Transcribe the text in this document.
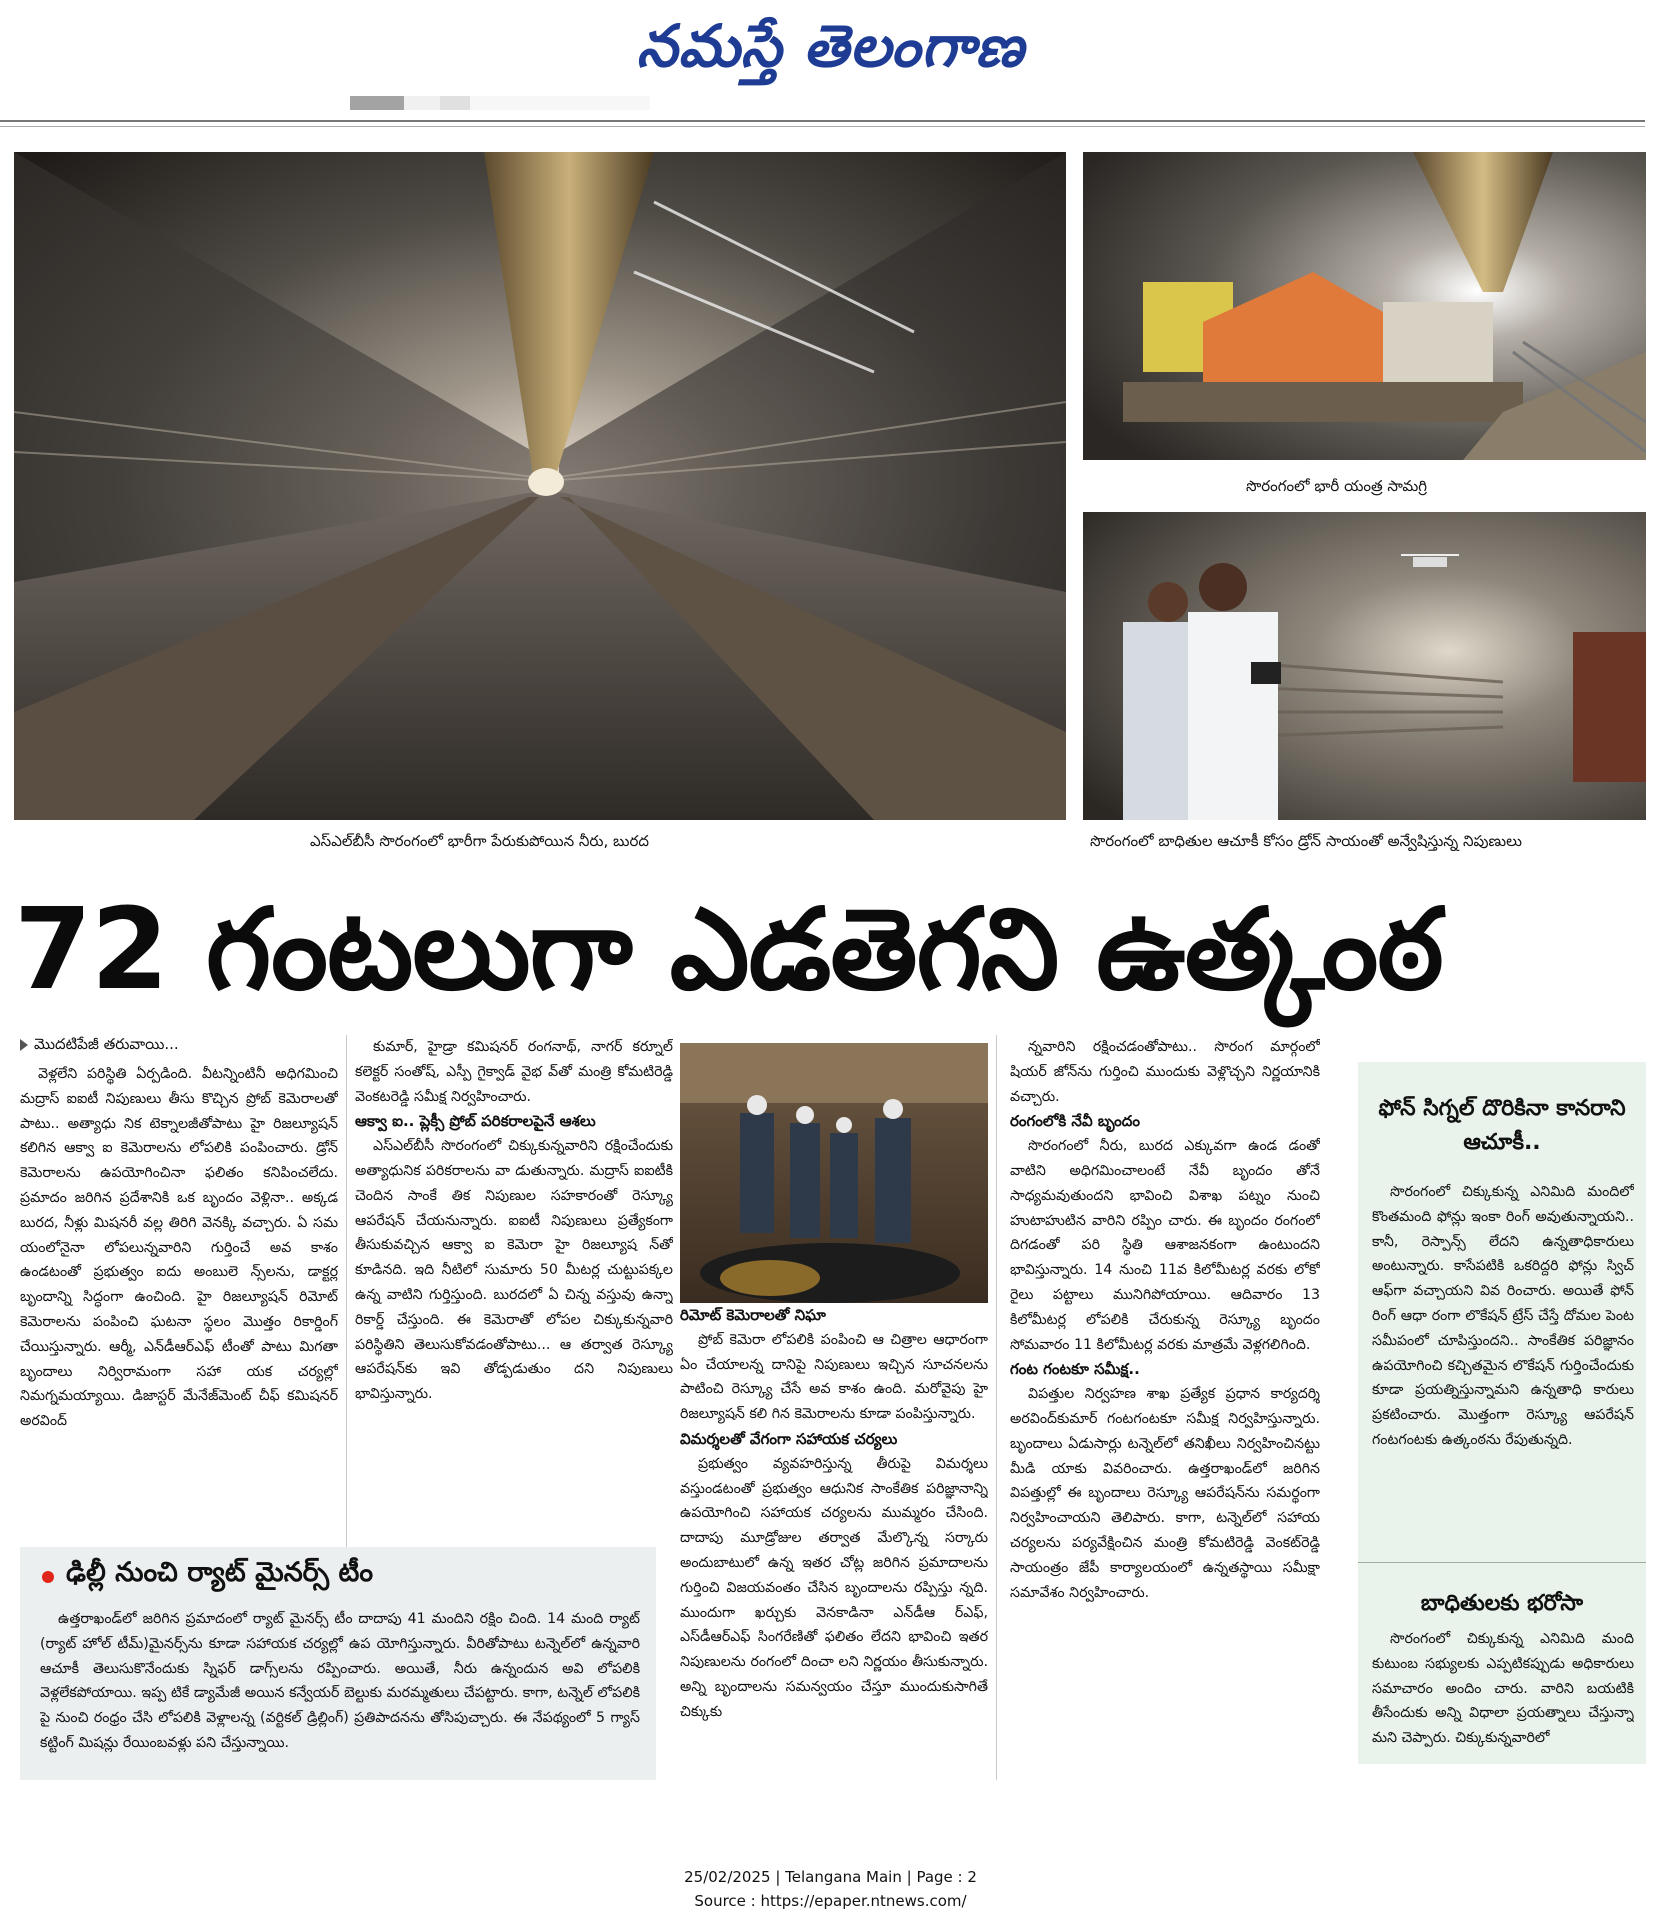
నమస్తే తెలంగాణ
ఎస్‌ఎల్‌బీసీ సొరంగంలో భారీగా పేరుకుపోయిన నీరు, బురద
సొరంగంలో భారీ యంత్ర సామగ్రి
సొరంగంలో బాధితుల ఆచూకీ కోసం డ్రోన్ సాయంతో అన్వేషిస్తున్న నిపుణులు
72 గంటలుగా ఎడతెగని ఉత్కంఠ
మొదటిపేజీ తరువాయి...

వెళ్లలేని పరిస్థితి ఏర్పడింది. వీటన్నింటినీ అధిగమించి మద్రాస్ ఐఐటీ నిపుణులు తీసు కొచ్చిన ప్రోబ్ కెమెరాలతో పాటు.. అత్యాధు నిక టెక్నాలజీతోపాటు హై రిజల్యూషన్ కలిగిన ఆక్వా ఐ కెమెరాలను లోపలికి పంపించారు. డ్రోన్ కెమెరాలను ఉపయోగించినా ఫలితం కనిపించలేదు. ప్రమాదం జరిగిన ప్రదేశానికి ఒక బృందం వెళ్లినా.. అక్కడ బురద, నీళ్లు మిషనరీ వల్ల తిరిగి వెనక్కి వచ్చారు. ఏ సమ యంలోనైనా లోపలున్నవారిని గుర్తించే అవ కాశం ఉండటంతో ప్రభుత్వం ఐదు అంబులె న్స్‌లను, డాక్టర్ల బృందాన్ని సిద్ధంగా ఉంచింది. హై రిజల్యూషన్ రిమోట్ కెమెరాలను పంపించి ఘటనా స్థలం మొత్తం రికార్డింగ్ చేయిస్తున్నారు. ఆర్మీ, ఎన్‌డీఆర్‌ఎఫ్ టీంతో పాటు మిగతా బృందాలు నిర్విరామంగా సహా యక చర్యల్లో నిమగ్నమయ్యాయి. డిజాస్టర్ మేనేజ్‌మెంట్ చీఫ్ కమిషనర్ అరవింద్

కుమార్, హైడ్రా కమిషనర్ రంగనాథ్, నాగర్ కర్నూల్ కలెక్టర్ సంతోష్, ఎస్పీ గైక్వాడ్ వైభ వ్‌తో మంత్రి కోమటిరెడ్డి వెంకటరెడ్డి సమీక్ష నిర్వహించారు.

ఆక్వా ఐ.. ప్లెక్సీ ప్రోబ్ పరికరాలపైనే ఆశలు

ఎస్‌ఎల్‌బీసీ సొరంగంలో చిక్కుకున్నవారిని రక్షించేందుకు అత్యాధునిక పరికరాలను వా డుతున్నారు. మద్రాస్ ఐఐటీకి చెందిన సాంకే తిక నిపుణుల సహకారంతో రెస్క్యూ ఆపరేషన్ చేయనున్నారు. ఐఐటీ నిపుణులు ప్రత్యేకంగా తీసుకువచ్చిన ఆక్వా ఐ కెమెరా హై రిజల్యూష న్‌తో కూడినది. ఇది నీటిలో సుమారు 50 మీటర్ల చుట్టుపక్కల ఉన్న వాటిని గుర్తిస్తుంది. బురదలో ఏ చిన్న వస్తువు ఉన్నా రికార్డ్ చేస్తుంది. ఈ కెమెరాతో లోపల చిక్కుకున్నవారి పరిస్థితిని తెలుసుకోవడంతోపాటు... ఆ తర్వాత రెస్క్యూ ఆపరేషన్‌కు ఇవి తోడ్పడుతుం దని నిపుణులు భావిస్తున్నారు.

రిమోట్ కెమెరాలతో నిఘా

ప్రోబ్ కెమెరా లోపలికి పంపించి ఆ చిత్రాల ఆధారంగా ఏం చేయాలన్న దానిపై నిపుణులు ఇచ్చిన సూచనలను పాటించి రెస్క్యూ చేసే అవ కాశం ఉంది. మరోవైపు హై రిజల్యూషన్ కలి గిన కెమెరాలను కూడా పంపిస్తున్నారు.

విమర్శలతో వేగంగా సహాయక చర్యలు

ప్రభుత్వం వ్యవహరిస్తున్న తీరుపై విమర్శలు వస్తుండటంతో ప్రభుత్వం ఆధునిక సాంకేతిక పరిజ్ఞానాన్ని ఉపయోగించి సహాయక చర్యలను ముమ్మరం చేసింది. దాదాపు మూడ్రోజుల తర్వాత మేల్కొన్న సర్కారు అందుబాటులో ఉన్న ఇతర చోట్ల జరిగిన ప్రమాదాలను గుర్తించి విజయవంతం చేసిన బృందాలను రప్పిస్తు న్నది. ముందుగా ఖర్చుకు వెనకాడినా ఎన్‌డీఆ ర్‌ఎఫ్, ఎస్‌డీఆర్‌ఎఫ్ సింగరేణితో ఫలితం లేదని భావించి ఇతర నిపుణులను రంగంలో దించా లని నిర్ణయం తీసుకున్నారు. అన్ని బృందాలను సమన్వయం చేస్తూ ముందుకుసాగితే చిక్కుకు

న్నవారిని రక్షించడంతోపాటు.. సొరంగ మార్గంలో షియర్ జోన్‌ను గుర్తించి ముందుకు వెళ్లొచ్చని నిర్ణయానికి వచ్చారు.

రంగంలోకి నేవీ బృందం

సొరంగంలో నీరు, బురద ఎక్కువగా ఉండ డంతో వాటిని అధిగమించాలంటే నేవీ బృందం తోనే సాధ్యమవుతుందని భావించి విశాఖ పట్నం నుంచి హుటాహుటిన వారిని రప్పిం చారు. ఈ బృందం రంగంలో దిగడంతో పరి స్థితి ఆశాజనకంగా ఉంటుందని భావిస్తున్నారు. 14 నుంచి 11వ కిలోమీటర్ల వరకు లోకో రైలు పట్టాలు మునిగిపోయాయి. ఆదివారం 13 కిలోమీటర్ల లోపలికి చేరుకున్న రెస్క్యూ బృందం సోమవారం 11 కిలోమీటర్ల వరకు మాత్రమే వెళ్లగలిగింది.

గంట గంటకూ సమీక్ష..

విపత్తుల నిర్వహణ శాఖ ప్రత్యేక ప్రధాన కార్యదర్శి అరవింద్‌కుమార్ గంటగంటకూ సమీక్ష నిర్వహిస్తున్నారు. బృందాలు ఏడుసార్లు టన్నెల్‌లో తనిఖీలు నిర్వహించినట్టు మీడి యాకు వివరించారు. ఉత్తరాఖండ్‌లో జరిగిన విపత్తుల్లో ఈ బృందాలు రెస్క్యూ ఆపరేషన్‌ను సమర్థంగా నిర్వహించాయని తెలిపారు. కాగా, టన్నెల్‌లో సహాయ చర్యలను పర్యవేక్షించిన మంత్రి కోమటిరెడ్డి వెంకట్‌రెడ్డి సాయంత్రం జేపీ కార్యాలయంలో ఉన్నతస్థాయి సమీక్షా సమావేశం నిర్వహించారు.

ఢిల్లీ నుంచి ర్యాట్ మైనర్స్ టీం

ఉత్తరాఖండ్‌లో జరిగిన ప్రమాదంలో ర్యాట్ మైనర్స్ టీం దాదాపు 41 మందిని రక్షిం చింది. 14 మంది ర్యాట్ (ర్యాట్ హోల్ టీమ్)మైనర్స్‌ను కూడా సహాయక చర్యల్లో ఉప యోగిస్తున్నారు. వీరితోపాటు టన్నెల్‌లో ఉన్నవారి ఆచూకీ తెలుసుకొనేందుకు స్నిఫర్ డాగ్స్‌లను రప్పించారు. అయితే, నీరు ఉన్నందున అవి లోపలికి వెళ్లలేకపోయాయి. ఇప్ప టికే డ్యామేజీ అయిన కన్వేయర్ బెల్టుకు మరమ్మతులు చేపట్టారు. కాగా, టన్నెల్ లోపలికి పై నుంచి రంధ్రం చేసి లోపలికి వెళ్లాలన్న (వర్టికల్ డ్రిల్లింగ్) ప్రతిపాదనను తోసిపుచ్చారు. ఈ నేపథ్యంలో 5 గ్యాస్ కట్టింగ్ మిషన్లు రేయింబవళ్లు పని చేస్తున్నాయి.

ఫోన్ సిగ్నల్ దొరికినా కానరాని ఆచూకీ..

సొరంగంలో చిక్కుకున్న ఎనిమిది మందిలో కొంతమంది ఫోన్లు ఇంకా రింగ్ అవుతున్నాయని.. కానీ, రెస్పాన్స్ లేదని ఉన్నతాధికారులు అంటున్నారు. కాసేపటికి ఒకరిద్దరి ఫోన్లు స్విచ్ ఆఫ్‌గా వచ్చాయని వివ రించారు. అయితే ఫోన్ రింగ్ ఆధా రంగా లొకేషన్ ట్రేస్ చేస్తే దోమల పెంట సమీపంలో చూపిస్తుందని.. సాంకేతిక పరిజ్ఞానం ఉపయోగించి కచ్చితమైన లొకేషన్ గుర్తించేందుకు కూడా ప్రయత్నిస్తున్నామని ఉన్నతాధి కారులు ప్రకటించారు. మొత్తంగా రెస్క్యూ ఆపరేషన్ గంటగంటకు ఉత్కంఠను రేపుతున్నది.

బాధితులకు భరోసా

సొరంగంలో చిక్కుకున్న ఎనిమిది మంది కుటుంబ సభ్యులకు ఎప్పటికప్పుడు అధికారులు సమాచారం అందిం చారు. వారిని బయటికి తీసేందుకు అన్ని విధాలా ప్రయత్నాలు చేస్తున్నా మని చెప్పారు. చిక్కుకున్నవారిలో

25/02/2025 | Telangana Main | Page : 2
Source : https://epaper.ntnews.com/
